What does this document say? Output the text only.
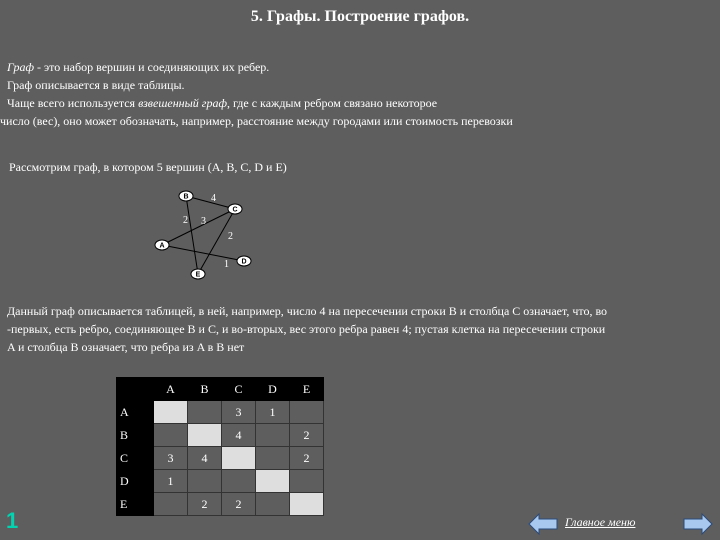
5. Графы. Построение графов.
Граф - это набор вершин и соединяющих их ребер.
Граф описывается в виде таблицы.
Чаще всего используется взвешенный граф, где с каждым ребром связано некоторое
число (вес), оно может обозначать, например, расстояние между городами или стоимость перевозки
Рассмотрим граф, в котором 5 вершин (A, B, C, D и E)
4
2 3
2
1
B
C
A
D
E
Данный граф описывается таблицей, в ней, например, число 4 на пересечении строки B и столбца C означает, что, во
-первых, есть ребро, соединяющее B и C, и во-вторых, вес этого ребра равен 4; пустая клетка на пересечении строки
A и столбца B означает, что ребра из A в B нет
	A	B	C	D	E
A			3	1	
B			4		2
C	3	4			2
D	1				
E		2	2		
1	Главное меню
